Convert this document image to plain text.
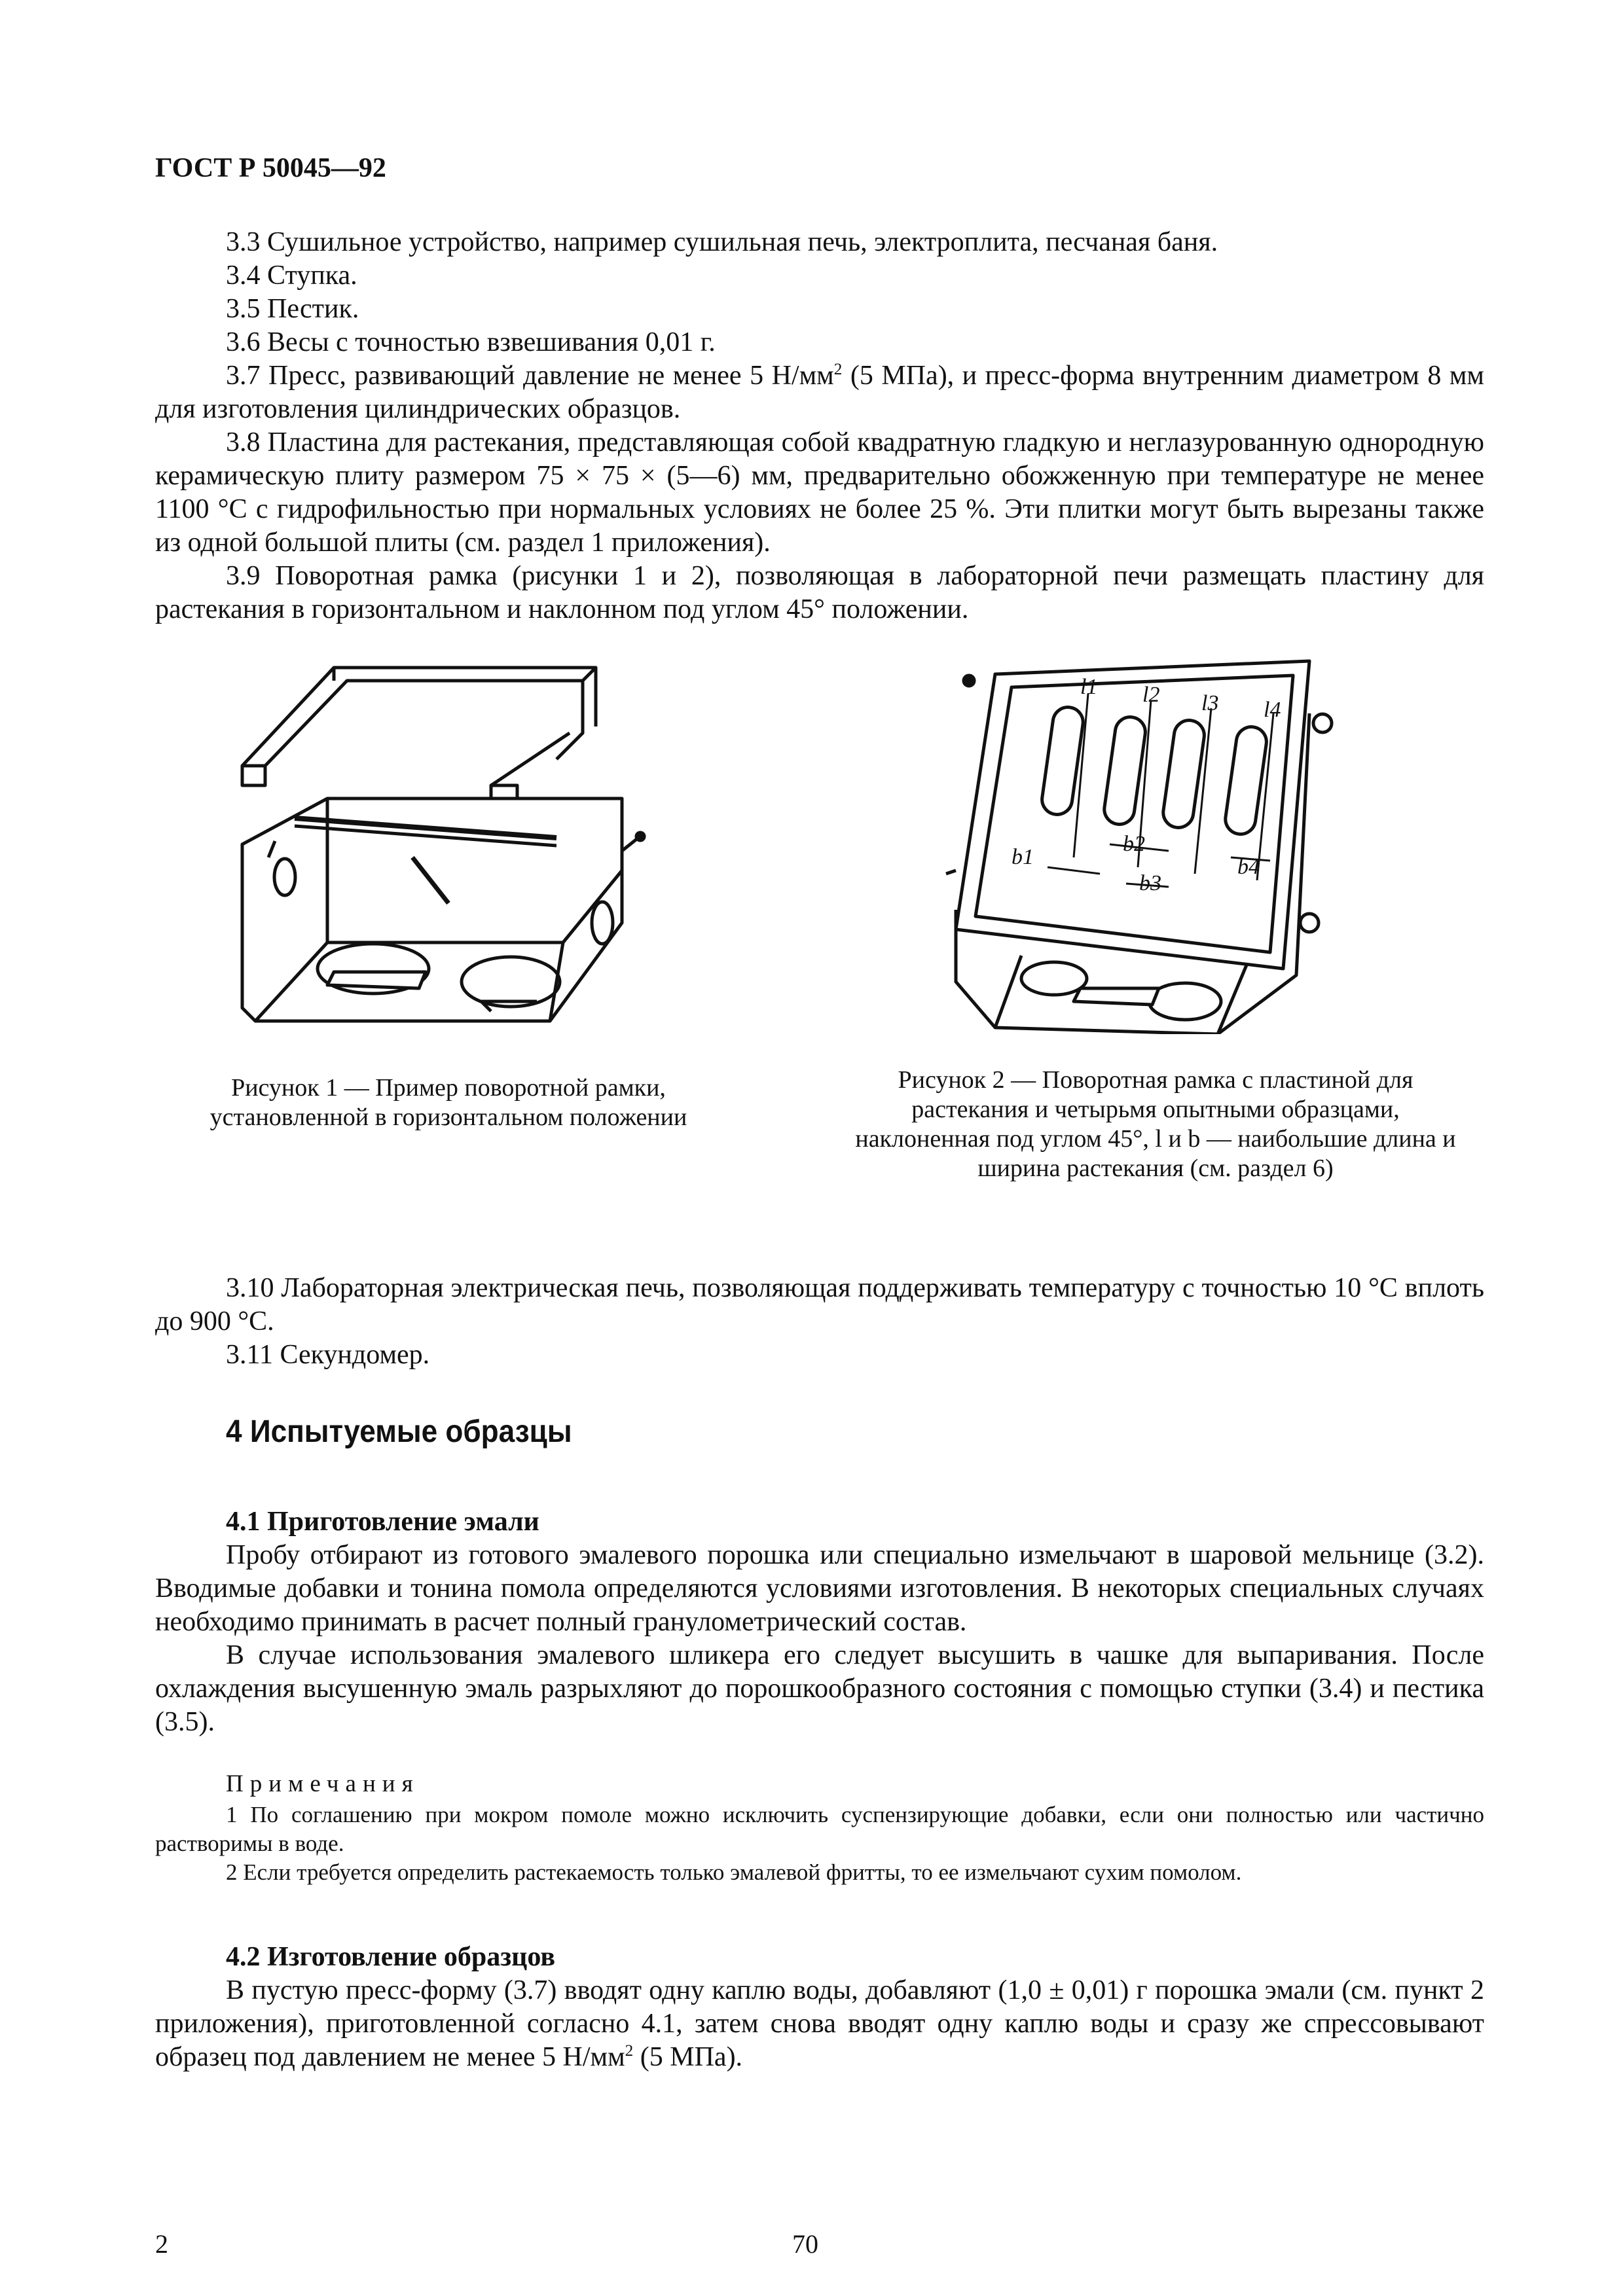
ГОСТ Р 50045—92

3.3 Сушильное устройство, например сушильная печь, электроплита, песчаная баня.

3.4 Ступка.

3.5 Пестик.

3.6 Весы с точностью взвешивания 0,01 г.

3.7 Пресс, развивающий давление не менее 5 $Н/мм^2$ (5 МПа), и пресс-форма внутренним диаметром 8 мм для изготовления цилиндрических образцов.

3.8 Пластина для растекания, представляющая собой квадратную гладкую и неглазурованную однородную керамическую плиту размером 75 × 75 × (5—6) мм, предварительно обожженную при температуре не менее 1100 °С с гидрофильностью при нормальных условиях не более 25 %. Эти плитки могут быть вырезаны также из одной большой плиты (см. раздел 1 приложения).

3.9 Поворотная рамка (рисунки 1 и 2), позволяющая в лабораторной печи размещать пластину для растекания в горизонтальном и наклонном под углом 45° положении.

Рисунок 1 — Пример поворотной рамки, установленной в горизонтальном положении
l1 l2 l3 l4
b1
b2
b3
b4
Рисунок 2 — Поворотная рамка с пластиной для растекания и четырьмя опытными образцами, наклоненная под углом 45°, l и b — наибольшие длина и ширина растекания (см. раздел 6)

3.10 Лабораторная электрическая печь, позволяющая поддерживать температуру с точностью 10 °С вплоть до 900 °С.

3.11 Секундомер.

4 Испытуемые образцы

4.1 Приготовление эмали

Пробу отбирают из готового эмалевого порошка или специально измельчают в шаровой мельнице (3.2). Вводимые добавки и тонина помола определяются условиями изготовления. В некоторых специальных случаях необходимо принимать в расчет полный гранулометрический состав.

В случае использования эмалевого шликера его следует высушить в чашке для выпаривания. После охлаждения высушенную эмаль разрыхляют до порошкообразного состояния с помощью ступки (3.4) и пестика (3.5).

Примечания

1 По соглашению при мокром помоле можно исключить суспензирующие добавки, если они полностью или частично растворимы в воде.

2 Если требуется определить растекаемость только эмалевой фритты, то ее измельчают сухим помолом.

4.2 Изготовление образцов

В пустую пресс-форму (3.7) вводят одну каплю воды, добавляют (1,0 ± 0,01) г порошка эмали (см. пункт 2 приложения), приготовленной согласно 4.1, затем снова вводят одну каплю воды и сразу же спрессовывают образец под давлением не менее 5 $Н/мм^2$ (5 МПа).

2	70
